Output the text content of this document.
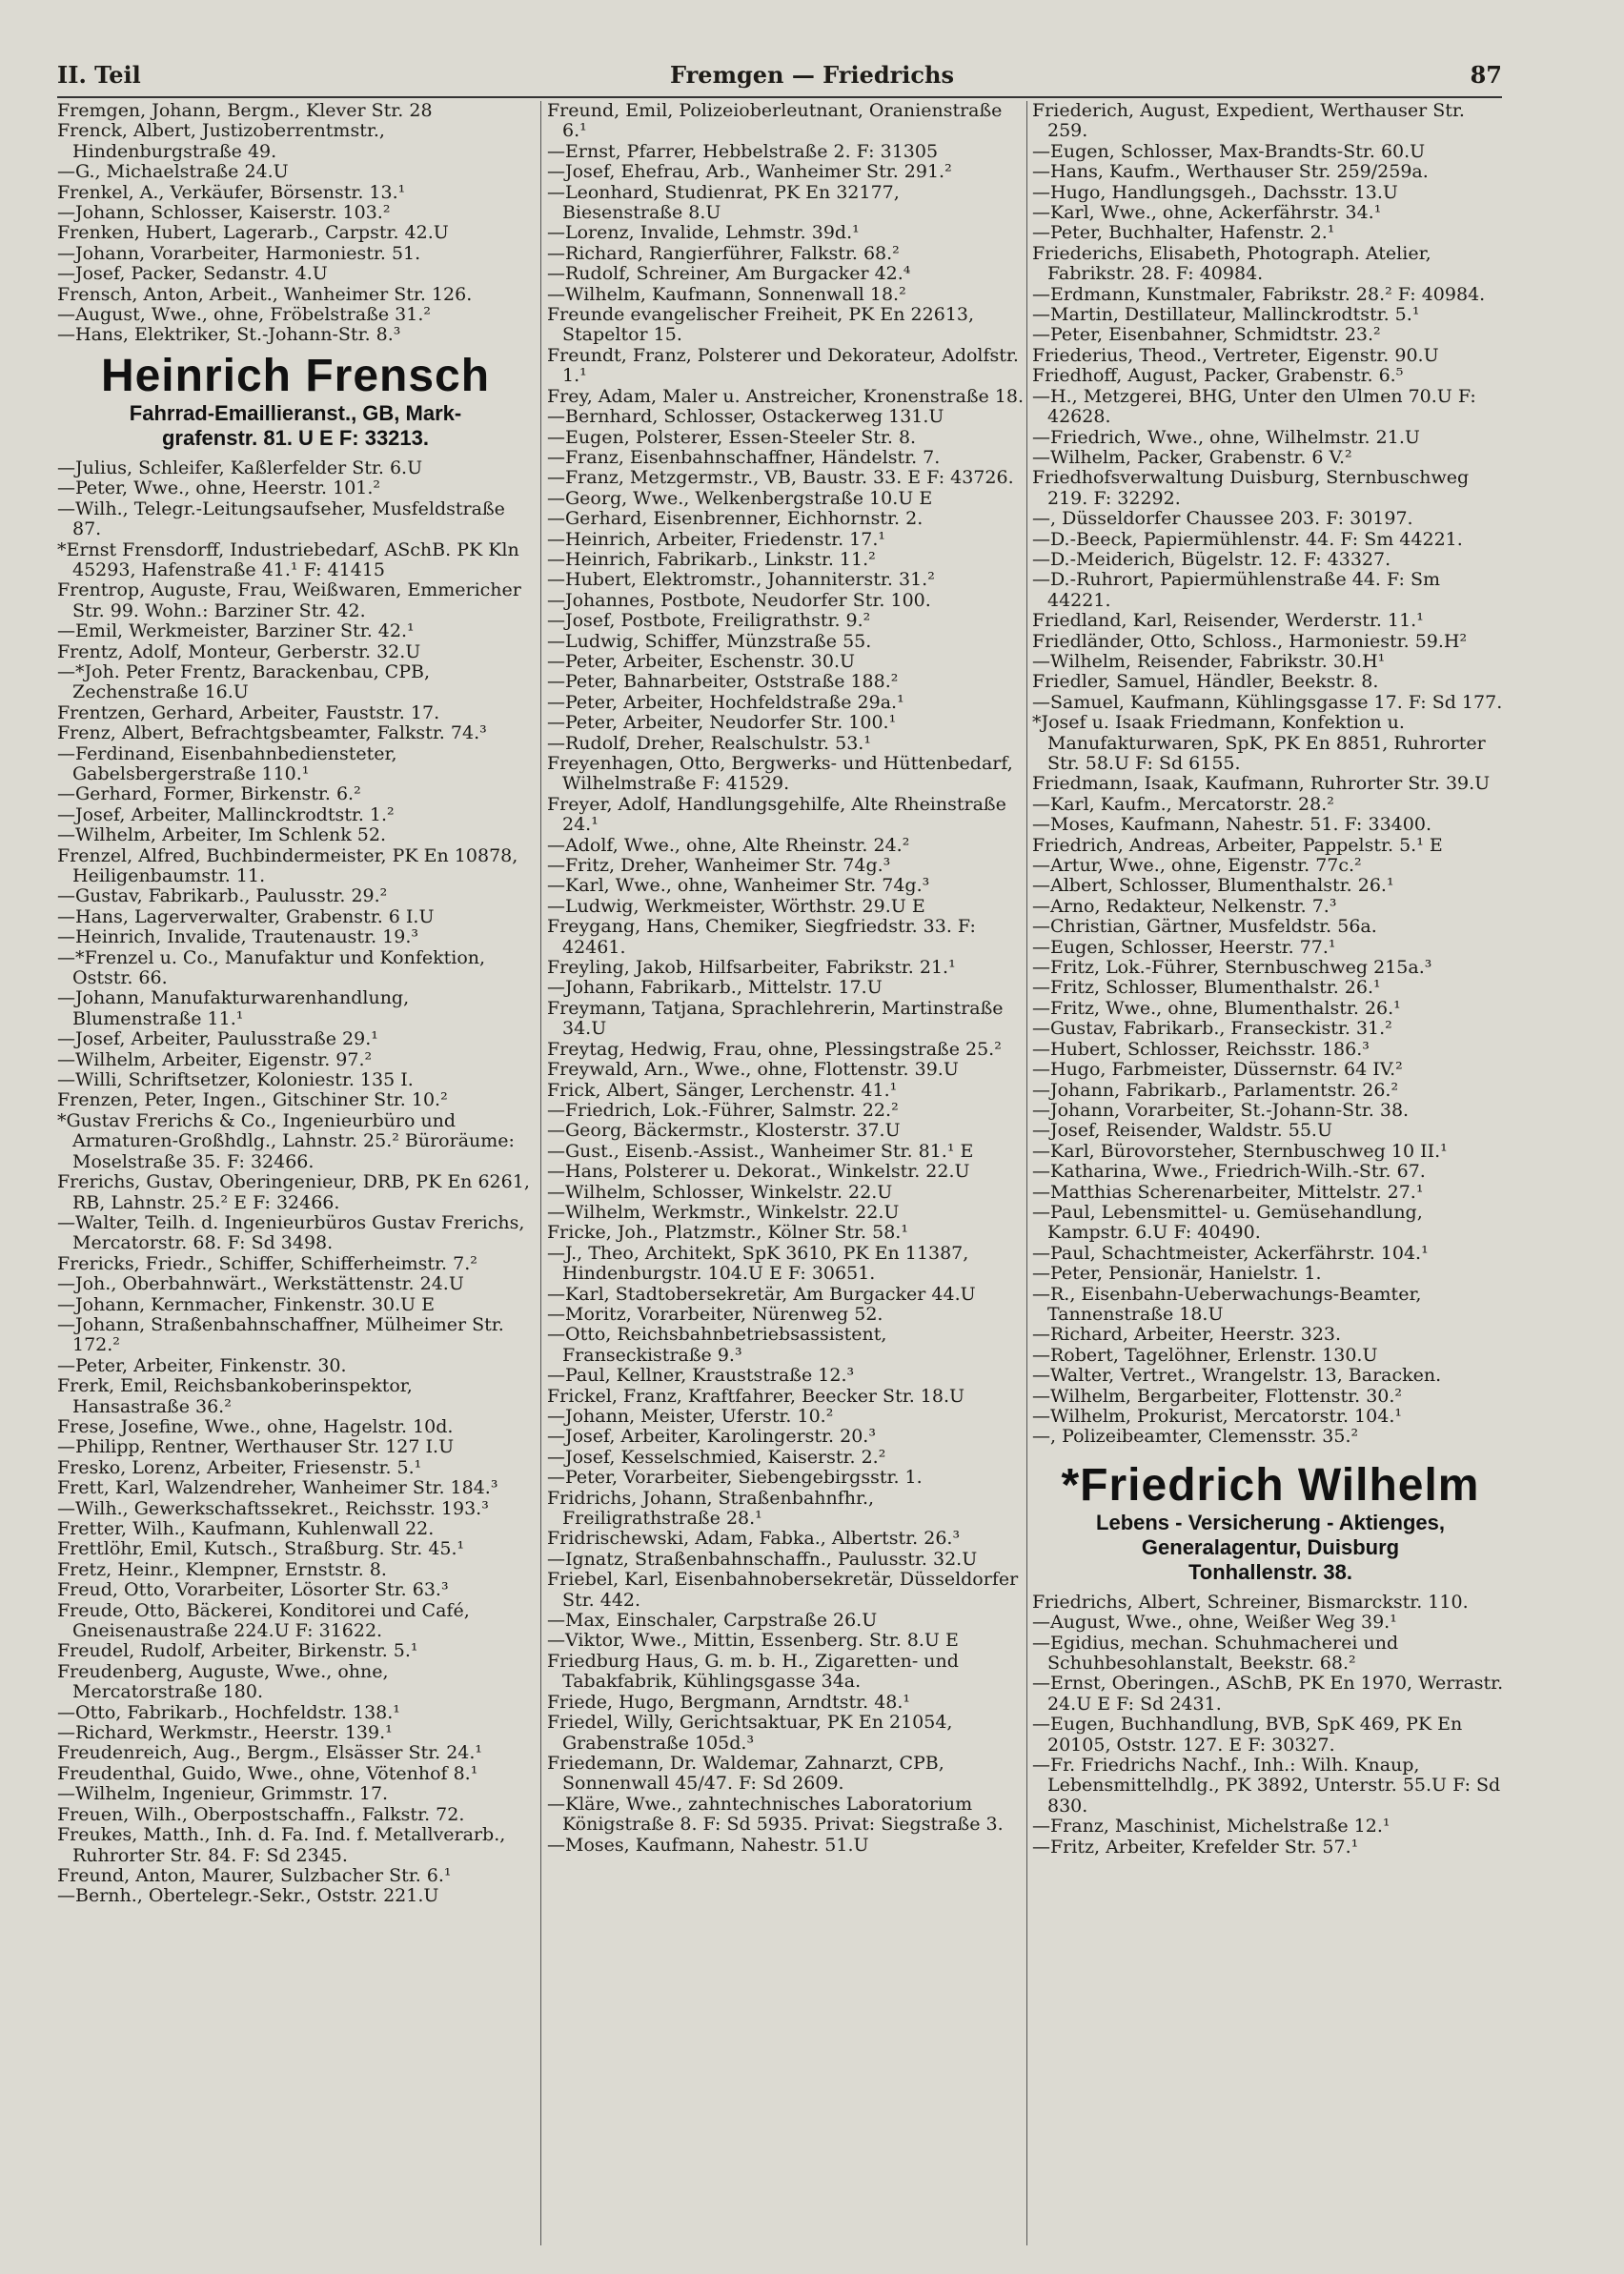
II. Teil	Fremgen — Friedrichs	87
Fremgen, Johann, Bergm., Klever Str. 28
Frenck, Albert, Justizoberrentmstr., Hindenburgstraße 49.
—G., Michaelstraße 24.U
Frenkel, A., Verkäufer, Börsenstr. 13.¹
—Johann, Schlosser, Kaiserstr. 103.²
Frenken, Hubert, Lagerarb., Carpstr. 42.U
—Johann, Vorarbeiter, Harmoniestr. 51.
—Josef, Packer, Sedanstr. 4.U
Frensch, Anton, Arbeit., Wanheimer Str. 126.
—August, Wwe., ohne, Fröbelstraße 31.²
—Hans, Elektriker, St.-Johann-Str. 8.³
Heinrich Frensch
Fahrrad-Emaillieranst., GB, Mark-
grafenstr. 81. U E F: 33213.
—Julius, Schleifer, Kaßlerfelder Str. 6.U
—Peter, Wwe., ohne, Heerstr. 101.²
—Wilh., Telegr.-Leitungsaufseher, Musfeldstraße 87.
*Ernst Frensdorff, Industriebedarf, ASchB. PK Kln 45293, Hafenstraße 41.¹ F: 41415
Frentrop, Auguste, Frau, Weißwaren, Emmericher Str. 99. Wohn.: Barziner Str. 42.
—Emil, Werkmeister, Barziner Str. 42.¹
Frentz, Adolf, Monteur, Gerberstr. 32.U
—*Joh. Peter Frentz, Barackenbau, CPB, Zechenstraße 16.U
Frentzen, Gerhard, Arbeiter, Fauststr. 17.
Frenz, Albert, Befrachtgsbeamter, Falkstr. 74.³
—Ferdinand, Eisenbahnbediensteter, Gabelsbergerstraße 110.¹
—Gerhard, Former, Birkenstr. 6.²
—Josef, Arbeiter, Mallinckrodtstr. 1.²
—Wilhelm, Arbeiter, Im Schlenk 52.
Frenzel, Alfred, Buchbindermeister, PK En 10878, Heiligenbaumstr. 11.
—Gustav, Fabrikarb., Paulusstr. 29.²
—Hans, Lagerverwalter, Grabenstr. 6 I.U
—Heinrich, Invalide, Trautenaustr. 19.³
—*Frenzel u. Co., Manufaktur und Konfektion, Oststr. 66.
—Johann, Manufakturwarenhandlung, Blumenstraße 11.¹
—Josef, Arbeiter, Paulusstraße 29.¹
—Wilhelm, Arbeiter, Eigenstr. 97.²
—Willi, Schriftsetzer, Koloniestr. 135 I.
Frenzen, Peter, Ingen., Gitschiner Str. 10.²
*Gustav Frerichs & Co., Ingenieurbüro und Armaturen-Großhdlg., Lahnstr. 25.² Büroräume: Moselstraße 35. F: 32466.
Frerichs, Gustav, Oberingenieur, DRB, PK En 6261, RB, Lahnstr. 25.² E F: 32466.
—Walter, Teilh. d. Ingenieurbüros Gustav Frerichs, Mercatorstr. 68. F: Sd 3498.
Frericks, Friedr., Schiffer, Schifferheimstr. 7.²
—Joh., Oberbahnwärt., Werkstättenstr. 24.U
—Johann, Kernmacher, Finkenstr. 30.U E
—Johann, Straßenbahnschaffner, Mülheimer Str. 172.²
—Peter, Arbeiter, Finkenstr. 30.
Frerk, Emil, Reichsbankoberinspektor, Hansastraße 36.²
Frese, Josefine, Wwe., ohne, Hagelstr. 10d.
—Philipp, Rentner, Werthauser Str. 127 I.U
Fresko, Lorenz, Arbeiter, Friesenstr. 5.¹
Frett, Karl, Walzendreher, Wanheimer Str. 184.³
—Wilh., Gewerkschaftssekret., Reichsstr. 193.³
Fretter, Wilh., Kaufmann, Kuhlenwall 22.
Frettlöhr, Emil, Kutsch., Straßburg. Str. 45.¹
Fretz, Heinr., Klempner, Ernststr. 8.
Freud, Otto, Vorarbeiter, Lösorter Str. 63.³
Freude, Otto, Bäckerei, Konditorei und Café, Gneisenaustraße 224.U F: 31622.
Freudel, Rudolf, Arbeiter, Birkenstr. 5.¹
Freudenberg, Auguste, Wwe., ohne, Mercatorstraße 180.
—Otto, Fabrikarb., Hochfeldstr. 138.¹
—Richard, Werkmstr., Heerstr. 139.¹
Freudenreich, Aug., Bergm., Elsässer Str. 24.¹
Freudenthal, Guido, Wwe., ohne, Vötenhof 8.¹
—Wilhelm, Ingenieur, Grimmstr. 17.
Freuen, Wilh., Oberpostschaffn., Falkstr. 72.
Freukes, Matth., Inh. d. Fa. Ind. f. Metallverarb., Ruhrorter Str. 84. F: Sd 2345.
Freund, Anton, Maurer, Sulzbacher Str. 6.¹
—Bernh., Obertelegr.-Sekr., Oststr. 221.U
Freund, Emil, Polizeioberleutnant, Oranienstraße 6.¹
—Ernst, Pfarrer, Hebbelstraße 2. F: 31305
—Josef, Ehefrau, Arb., Wanheimer Str. 291.²
—Leonhard, Studienrat, PK En 32177, Biesenstraße 8.U
—Lorenz, Invalide, Lehmstr. 39d.¹
—Richard, Rangierführer, Falkstr. 68.²
—Rudolf, Schreiner, Am Burgacker 42.⁴
—Wilhelm, Kaufmann, Sonnenwall 18.²
Freunde evangelischer Freiheit, PK En 22613, Stapeltor 15.
Freundt, Franz, Polsterer und Dekorateur, Adolfstr. 1.¹
Frey, Adam, Maler u. Anstreicher, Kronenstraße 18.
—Bernhard, Schlosser, Ostackerweg 131.U
—Eugen, Polsterer, Essen-Steeler Str. 8.
—Franz, Eisenbahnschaffner, Händelstr. 7.
—Franz, Metzgermstr., VB, Baustr. 33. E F: 43726.
—Georg, Wwe., Welkenbergstraße 10.U E
—Gerhard, Eisenbrenner, Eichhornstr. 2.
—Heinrich, Arbeiter, Friedenstr. 17.¹
—Heinrich, Fabrikarb., Linkstr. 11.²
—Hubert, Elektromstr., Johanniterstr. 31.²
—Johannes, Postbote, Neudorfer Str. 100.
—Josef, Postbote, Freiligrathstr. 9.²
—Ludwig, Schiffer, Münzstraße 55.
—Peter, Arbeiter, Eschenstr. 30.U
—Peter, Bahnarbeiter, Oststraße 188.²
—Peter, Arbeiter, Hochfeldstraße 29a.¹
—Peter, Arbeiter, Neudorfer Str. 100.¹
—Rudolf, Dreher, Realschulstr. 53.¹
Freyenhagen, Otto, Bergwerks- und Hüttenbedarf, Wilhelmstraße F: 41529.
Freyer, Adolf, Handlungsgehilfe, Alte Rheinstraße 24.¹
—Adolf, Wwe., ohne, Alte Rheinstr. 24.²
—Fritz, Dreher, Wanheimer Str. 74g.³
—Karl, Wwe., ohne, Wanheimer Str. 74g.³
—Ludwig, Werkmeister, Wörthstr. 29.U E
Freygang, Hans, Chemiker, Siegfriedstr. 33. F: 42461.
Freyling, Jakob, Hilfsarbeiter, Fabrikstr. 21.¹
—Johann, Fabrikarb., Mittelstr. 17.U
Freymann, Tatjana, Sprachlehrerin, Martinstraße 34.U
Freytag, Hedwig, Frau, ohne, Plessingstraße 25.²
Freywald, Arn., Wwe., ohne, Flottenstr. 39.U
Frick, Albert, Sänger, Lerchenstr. 41.¹
—Friedrich, Lok.-Führer, Salmstr. 22.²
—Georg, Bäckermstr., Klosterstr. 37.U
—Gust., Eisenb.-Assist., Wanheimer Str. 81.¹ E
—Hans, Polsterer u. Dekorat., Winkelstr. 22.U
—Wilhelm, Schlosser, Winkelstr. 22.U
—Wilhelm, Werkmstr., Winkelstr. 22.U
Fricke, Joh., Platzmstr., Kölner Str. 58.¹
—J., Theo, Architekt, SpK 3610, PK En 11387, Hindenburgstr. 104.U E F: 30651.
—Karl, Stadtobersekretär, Am Burgacker 44.U
—Moritz, Vorarbeiter, Nürenweg 52.
—Otto, Reichsbahnbetriebsassistent, Franseckistraße 9.³
—Paul, Kellner, Krauststraße 12.³
Frickel, Franz, Kraftfahrer, Beecker Str. 18.U
—Johann, Meister, Uferstr. 10.²
—Josef, Arbeiter, Karolingerstr. 20.³
—Josef, Kesselschmied, Kaiserstr. 2.²
—Peter, Vorarbeiter, Siebengebirgsstr. 1.
Fridrichs, Johann, Straßenbahnfhr., Freiligrathstraße 28.¹
Fridrischewski, Adam, Fabka., Albertstr. 26.³
—Ignatz, Straßenbahnschaffn., Paulusstr. 32.U
Friebel, Karl, Eisenbahnobersekretär, Düsseldorfer Str. 442.
—Max, Einschaler, Carpstraße 26.U
—Viktor, Wwe., Mittin, Essenberg. Str. 8.U E
Friedburg Haus, G. m. b. H., Zigaretten- und Tabakfabrik, Kühlingsgasse 34a.
Friede, Hugo, Bergmann, Arndtstr. 48.¹
Friedel, Willy, Gerichtsaktuar, PK En 21054, Grabenstraße 105d.³
Friedemann, Dr. Waldemar, Zahnarzt, CPB, Sonnenwall 45/47. F: Sd 2609.
—Kläre, Wwe., zahntechnisches Laboratorium Königstraße 8. F: Sd 5935. Privat: Siegstraße 3.
—Moses, Kaufmann, Nahestr. 51.U
Friederich, August, Expedient, Werthauser Str. 259.
—Eugen, Schlosser, Max-Brandts-Str. 60.U
—Hans, Kaufm., Werthauser Str. 259/259a.
—Hugo, Handlungsgeh., Dachsstr. 13.U
—Karl, Wwe., ohne, Ackerfährstr. 34.¹
—Peter, Buchhalter, Hafenstr. 2.¹
Friederichs, Elisabeth, Photograph. Atelier, Fabrikstr. 28. F: 40984.
—Erdmann, Kunstmaler, Fabrikstr. 28.² F: 40984.
—Martin, Destillateur, Mallinckrodtstr. 5.¹
—Peter, Eisenbahner, Schmidtstr. 23.²
Friederius, Theod., Vertreter, Eigenstr. 90.U
Friedhoff, August, Packer, Grabenstr. 6.⁵
—H., Metzgerei, BHG, Unter den Ulmen 70.U F: 42628.
—Friedrich, Wwe., ohne, Wilhelmstr. 21.U
—Wilhelm, Packer, Grabenstr. 6 V.²
Friedhofsverwaltung Duisburg, Sternbuschweg 219. F: 32292.
—, Düsseldorfer Chaussee 203. F: 30197.
—D.-Beeck, Papiermühlenstr. 44. F: Sm 44221.
—D.-Meiderich, Bügelstr. 12. F: 43327.
—D.-Ruhrort, Papiermühlenstraße 44. F: Sm 44221.
Friedland, Karl, Reisender, Werderstr. 11.¹
Friedländer, Otto, Schloss., Harmoniestr. 59.H²
—Wilhelm, Reisender, Fabrikstr. 30.H¹
Friedler, Samuel, Händler, Beekstr. 8.
—Samuel, Kaufmann, Kühlingsgasse 17. F: Sd 177.
*Josef u. Isaak Friedmann, Konfektion u. Manufakturwaren, SpK, PK En 8851, Ruhrorter Str. 58.U F: Sd 6155.
Friedmann, Isaak, Kaufmann, Ruhrorter Str. 39.U
—Karl, Kaufm., Mercatorstr. 28.²
—Moses, Kaufmann, Nahestr. 51. F: 33400.
Friedrich, Andreas, Arbeiter, Pappelstr. 5.¹ E
—Artur, Wwe., ohne, Eigenstr. 77c.²
—Albert, Schlosser, Blumenthalstr. 26.¹
—Arno, Redakteur, Nelkenstr. 7.³
—Christian, Gärtner, Musfeldstr. 56a.
—Eugen, Schlosser, Heerstr. 77.¹
—Fritz, Lok.-Führer, Sternbuschweg 215a.³
—Fritz, Schlosser, Blumenthalstr. 26.¹
—Fritz, Wwe., ohne, Blumenthalstr. 26.¹
—Gustav, Fabrikarb., Franseckistr. 31.²
—Hubert, Schlosser, Reichsstr. 186.³
—Hugo, Farbmeister, Düssernstr. 64 IV.²
—Johann, Fabrikarb., Parlamentstr. 26.²
—Johann, Vorarbeiter, St.-Johann-Str. 38.
—Josef, Reisender, Waldstr. 55.U
—Karl, Bürovorsteher, Sternbuschweg 10 II.¹
—Katharina, Wwe., Friedrich-Wilh.-Str. 67.
—Matthias Scherenarbeiter, Mittelstr. 27.¹
—Paul, Lebensmittel- u. Gemüsehandlung, Kampstr. 6.U F: 40490.
—Paul, Schachtmeister, Ackerfährstr. 104.¹
—Peter, Pensionär, Hanielstr. 1.
—R., Eisenbahn-Ueberwachungs-Beamter, Tannenstraße 18.U
—Richard, Arbeiter, Heerstr. 323.
—Robert, Tagelöhner, Erlenstr. 130.U
—Walter, Vertret., Wrangelstr. 13, Baracken.
—Wilhelm, Bergarbeiter, Flottenstr. 30.²
—Wilhelm, Prokurist, Mercatorstr. 104.¹
—, Polizeibeamter, Clemensstr. 35.²
*Friedrich Wilhelm
Lebens - Versicherung - Aktienges,
Generalagentur, Duisburg
Tonhallenstr. 38.
Friedrichs, Albert, Schreiner, Bismarckstr. 110.
—August, Wwe., ohne, Weißer Weg 39.¹
—Egidius, mechan. Schuhmacherei und Schuhbesohlanstalt, Beekstr. 68.²
—Ernst, Oberingen., ASchB, PK En 1970, Werrastr. 24.U E F: Sd 2431.
—Eugen, Buchhandlung, BVB, SpK 469, PK En 20105, Oststr. 127. E F: 30327.
—Fr. Friedrichs Nachf., Inh.: Wilh. Knaup, Lebensmittelhdlg., PK 3892, Unterstr. 55.U F: Sd 830.
—Franz, Maschinist, Michelstraße 12.¹
—Fritz, Arbeiter, Krefelder Str. 57.¹
